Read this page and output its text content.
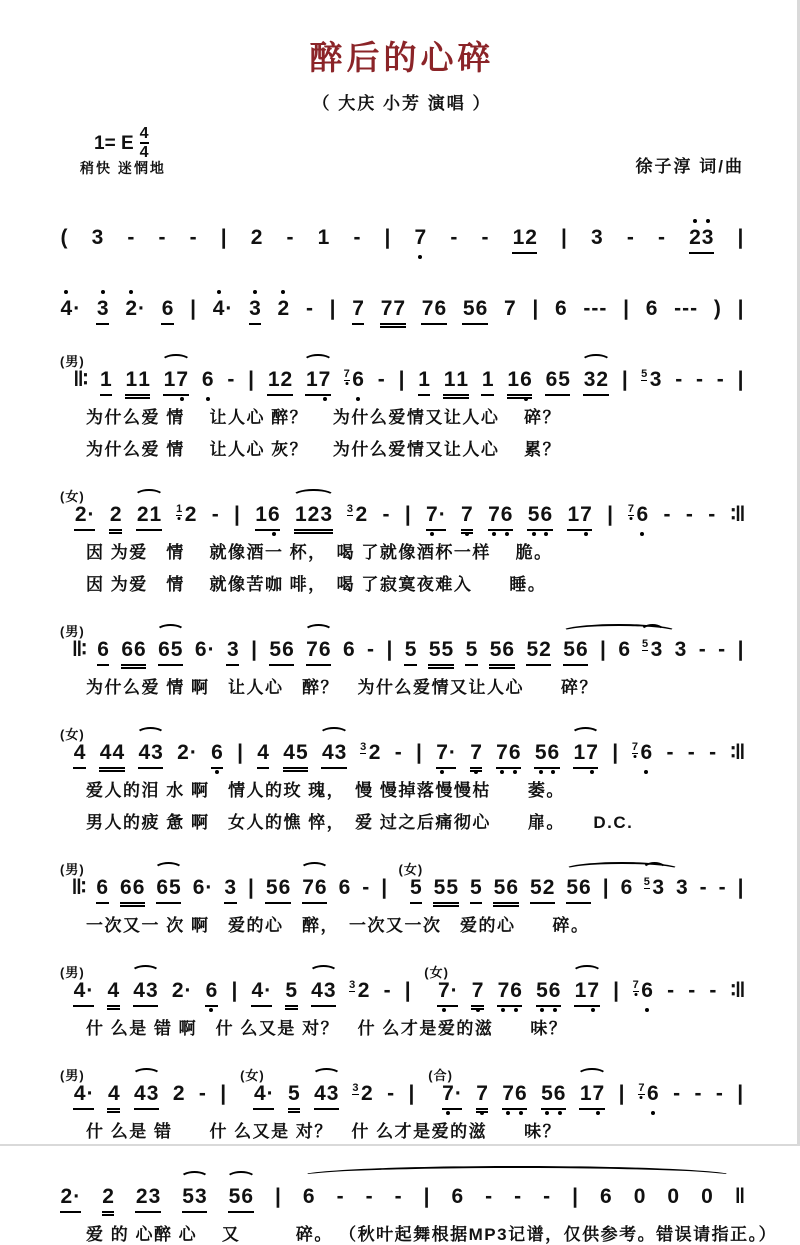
醉后的心碎
（ 大庆 小芳 演唱 ）
1= E $\frac{4}{4}$
稍快 迷惘地	徐子淳 词/曲
( 3 - - - | 2 - 1 - | 7 - - 12 | 3 - - 23 |
4· 3 2· 6 | 4· 3 2 - | 7 77 76 56 7 | 6 --- | 6 --- ) |
(男)
‖∶ 1 11 17 6 - | 12 17 7 6 - | 1 11 1 16 65 32 | 5 3 - - - |
为什么爱 情　 让人心 醉？　 为什么爱情又让人心　 碎？
为什么爱 情　 让人心 灰？　 为什么爱情又让人心　 累？
(女)
2· 2 21 1 2 - | 16 123 3 2 - | 7· 7 76 56 17 | 7 6 - - - ∶‖
因 为爱　情　 就像酒一 杯，　喝 了就像酒杯一样　 脆。
因 为爱　情　 就像苦咖 啡，　喝 了寂寞夜难入　　睡。
(男)
‖∶ 6 66 65 6· 3 | 56 76 6 - | 5 55 5 56 52 56 | 6 5 3 3 - - |
为什么爱 情 啊　让人心　醉？　为什么爱情又让人心　　碎？
(女)
4 44 43 2· 6 | 4 45 43 3 2 - | 7· 7 76 56 17 | 7 6 - - - ∶‖
爱人的泪 水 啊　情人的玫 瑰，　慢 慢掉落慢慢枯　　萎。
男人的疲 惫 啊　女人的憔 悴，　爱 过之后痛彻心　　扉。　　D.C.
(男)
‖∶ 6 66 65 6· 3 | 56 76 6 - |
(女)
5 55 5 56 52 56 | 6 5 3 3 - - |
一次又一 次 啊　爱的心　醉，　一次又一次　爱的心　　碎。
(男)
4· 4 43 2· 6 | 4· 5 43 3 2 - |
(女)
7· 7 76 56 17 | 7 6 - - - ∶‖
什 么是 错 啊　什 么又是 对？　什 么才是爱的滋　　味？
(男)
4· 4 43 2 - |
(女)
4· 5 43 3 2 - |
(合)
7· 7 76 56 17 | 7 6 - - - |
什 么是 错　　什 么又是 对？　什 么才是爱的滋　　味？
2· 2 23 53 56 | 6 - - - | 6 - - - | 6 0 0 0 ‖
爱 的 心醉 心　 又　　　碎。 （秋叶起舞根据MP3记谱，仅供参考。错误请指正。）
